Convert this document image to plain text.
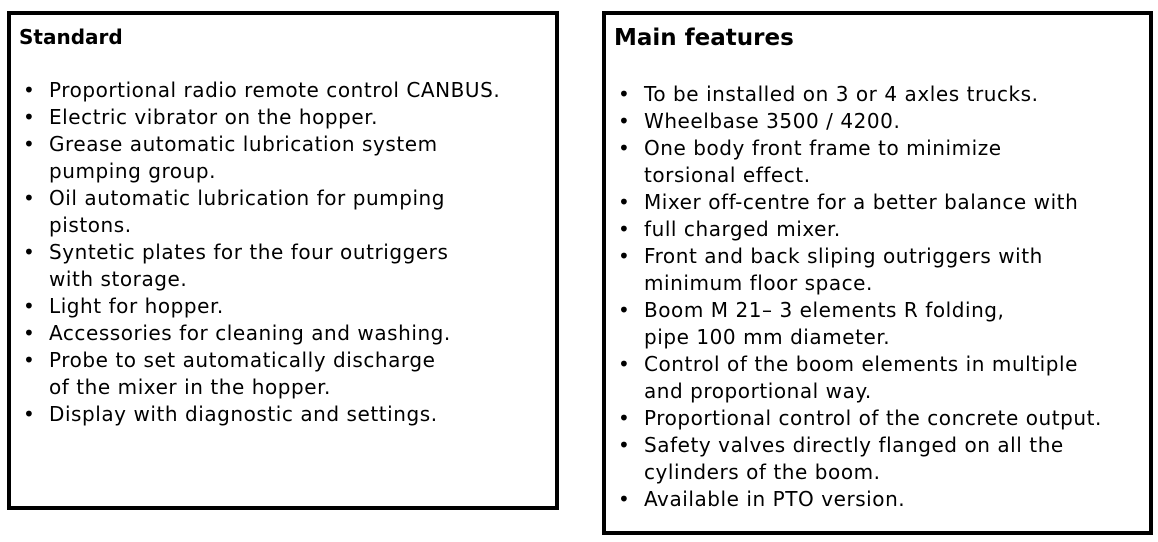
Standard
• Proportional radio remote control CANBUS.
• Electric vibrator on the hopper.
• Grease automatic lubrication system
pumping group.
• Oil automatic lubrication for pumping
pistons.
• Syntetic plates for the four outriggers
with storage.
• Light for hopper.
• Accessories for cleaning and washing.
• Probe to set automatically discharge
of the mixer in the hopper.
• Display with diagnostic and settings.
Main features
• To be installed on 3 or 4 axles trucks.
• Wheelbase 3500 / 4200.
• One body front frame to minimize
torsional effect.
• Mixer off-centre for a better balance with
• full charged mixer.
• Front and back sliping outriggers with
minimum floor space.
• Boom M 21– 3 elements R folding,
pipe 100 mm diameter.
• Control of the boom elements in multiple
and proportional way.
• Proportional control of the concrete output.
• Safety valves directly flanged on all the
cylinders of the boom.
• Available in PTO version.
